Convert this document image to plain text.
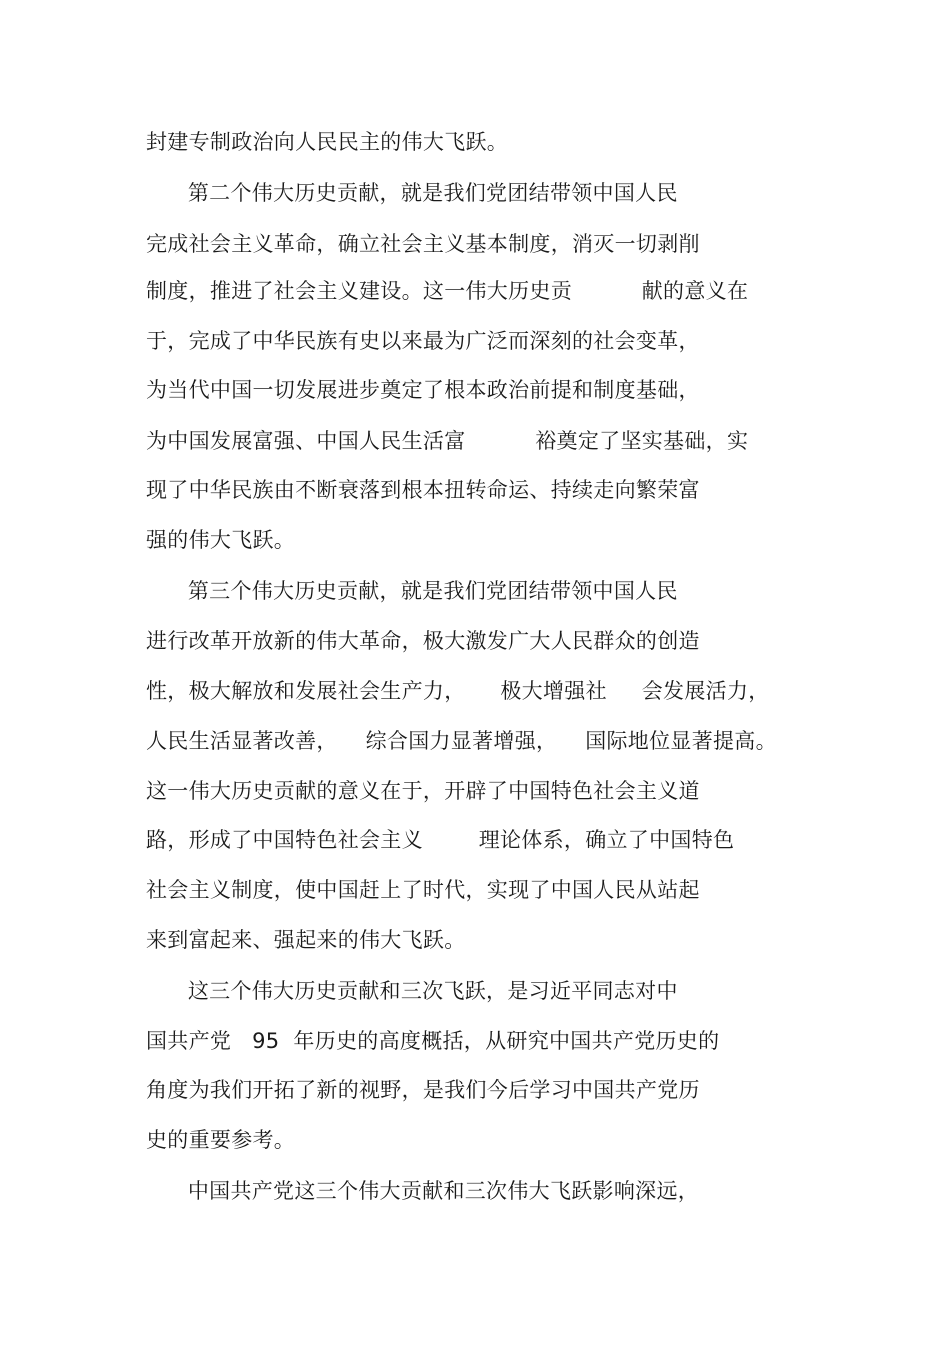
封建专制政治向人民民主的伟大飞跃。
第二个伟大历史贡献，就是我们党团结带领中国人民
完成社会主义革命，确立社会主义基本制度，消灭一切剥削
制度，推进了社会主义建设。这一伟大历史贡          献的意义在
于，完成了中华民族有史以来最为广泛而深刻的社会变革，
为当代中国一切发展进步奠定了根本政治前提和制度基础，
为中国发展富强、中国人民生活富          裕奠定了坚实基础，实
现了中华民族由不断衰落到根本扭转命运、持续走向繁荣富
强的伟大飞跃。
第三个伟大历史贡献，就是我们党团结带领中国人民
进行改革开放新的伟大革命，极大激发广大人民群众的创造
性，极大解放和发展社会生产力，     极大增强社     会发展活力，
人民生活显著改善，    综合国力显著增强，    国际地位显著提高。
这一伟大历史贡献的意义在于，开辟了中国特色社会主义道
路，形成了中国特色社会主义        理论体系，确立了中国特色
社会主义制度，使中国赶上了时代，实现了中国人民从站起
来到富起来、强起来的伟大飞跃。
这三个伟大历史贡献和三次飞跃，是习近平同志对中
国共产党   95  年历史的高度概括，从研究中国共产党历史的
角度为我们开拓了新的视野，是我们今后学习中国共产党历
史的重要参考。
中国共产党这三个伟大贡献和三次伟大飞跃影响深远，
